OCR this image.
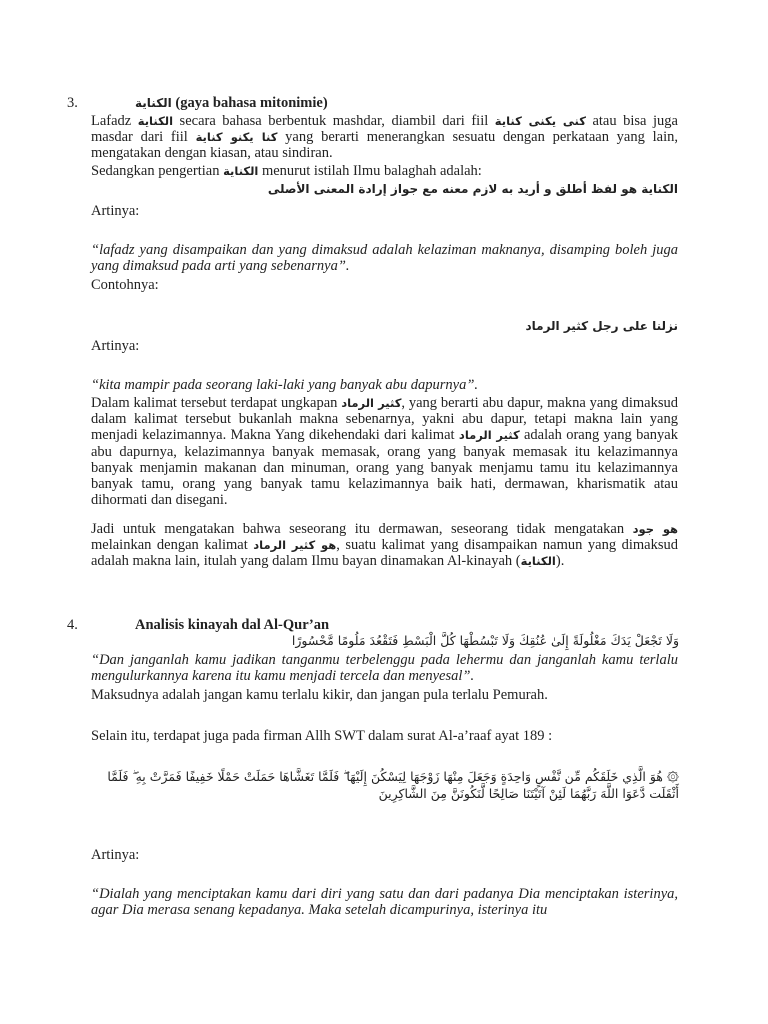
3.	الكناية (gaya bahasa mitonimie)

Lafadz الكناية secara bahasa berbentuk mashdar, diambil dari fiil كنى يكنى كناية atau bisa juga masdar dari fiil كنا يكنو كناية yang berarti menerangkan sesuatu dengan perkataan yang lain, mengatakan dengan kiasan, atau sindiran.

Sedangkan pengertian الكناية menurut istilah Ilmu balaghah adalah:

الكناية هو لفظ أطلق و أريد به لازم معنه مع جواز إرادة المعنى الأصلى

Artinya:

“lafadz yang disampaikan dan yang dimaksud adalah kelaziman maknanya, disamping boleh juga yang dimaksud pada arti yang sebenarnya”.

Contohnya:

نزلنا على رجل كثير الرماد

Artinya:

“kita mampir pada seorang laki-laki yang banyak abu dapurnya”.

Dalam kalimat tersebut terdapat ungkapan كثير الرماد, yang berarti abu dapur, makna yang dimaksud dalam kalimat tersebut bukanlah makna sebenarnya, yakni abu dapur, tetapi makna lain yang menjadi kelazimannya. Makna Yang dikehendaki dari kalimat كثير الرماد adalah orang yang banyak abu dapurnya, kelazimannya banyak memasak, orang yang banyak memasak itu kelazimannya banyak menjamin makanan dan minuman, orang yang banyak menjamu tamu itu kelazimannya banyak tamu, orang yang banyak tamu kelazimannya baik hati, dermawan, kharismatik atau dihormati dan disegani.

Jadi untuk mengatakan bahwa seseorang itu dermawan, seseorang tidak mengatakan هو جود melainkan dengan kalimat هو كثير الرماد, suatu kalimat yang disampaikan namun yang dimaksud adalah makna lain, itulah yang dalam Ilmu bayan dinamakan Al-kinayah (الكناية).

4.	Analisis kinayah dal Al-Qur’an

وَلَا تَجْعَلْ يَدَكَ مَغْلُولَةً إِلَىٰ عُنُقِكَ وَلَا تَبْسُطْهَا كُلَّ الْبَسْطِ فَتَقْعُدَ مَلُومًا مَّحْسُورًا

“Dan janganlah kamu jadikan tanganmu terbelenggu pada lehermu dan janganlah kamu terlalu mengulurkannya karena itu kamu menjadi tercela dan menyesal”.

Maksudnya adalah jangan kamu terlalu kikir, dan jangan pula terlalu Pemurah.

Selain itu, terdapat juga pada firman Allh SWT dalam surat Al-a’raaf ayat 189 :

۞ هُوَ الَّذِي خَلَقَكُم مِّن نَّفْسٍ وَاحِدَةٍ وَجَعَلَ مِنْهَا زَوْجَهَا لِيَسْكُنَ إِلَيْهَا ۖ فَلَمَّا تَغَشَّاهَا حَمَلَتْ حَمْلًا خَفِيفًا فَمَرَّتْ بِهِ ۖ فَلَمَّا أَثْقَلَت دَّعَوَا اللَّهَ رَبَّهُمَا لَئِنْ آتَيْتَنَا صَالِحًا لَّنَكُونَنَّ مِنَ الشَّاكِرِينَ

Artinya:

“Dialah yang menciptakan kamu dari diri yang satu dan dari padanya Dia menciptakan isterinya, agar Dia merasa senang kepadanya. Maka setelah dicampurinya, isterinya itu
